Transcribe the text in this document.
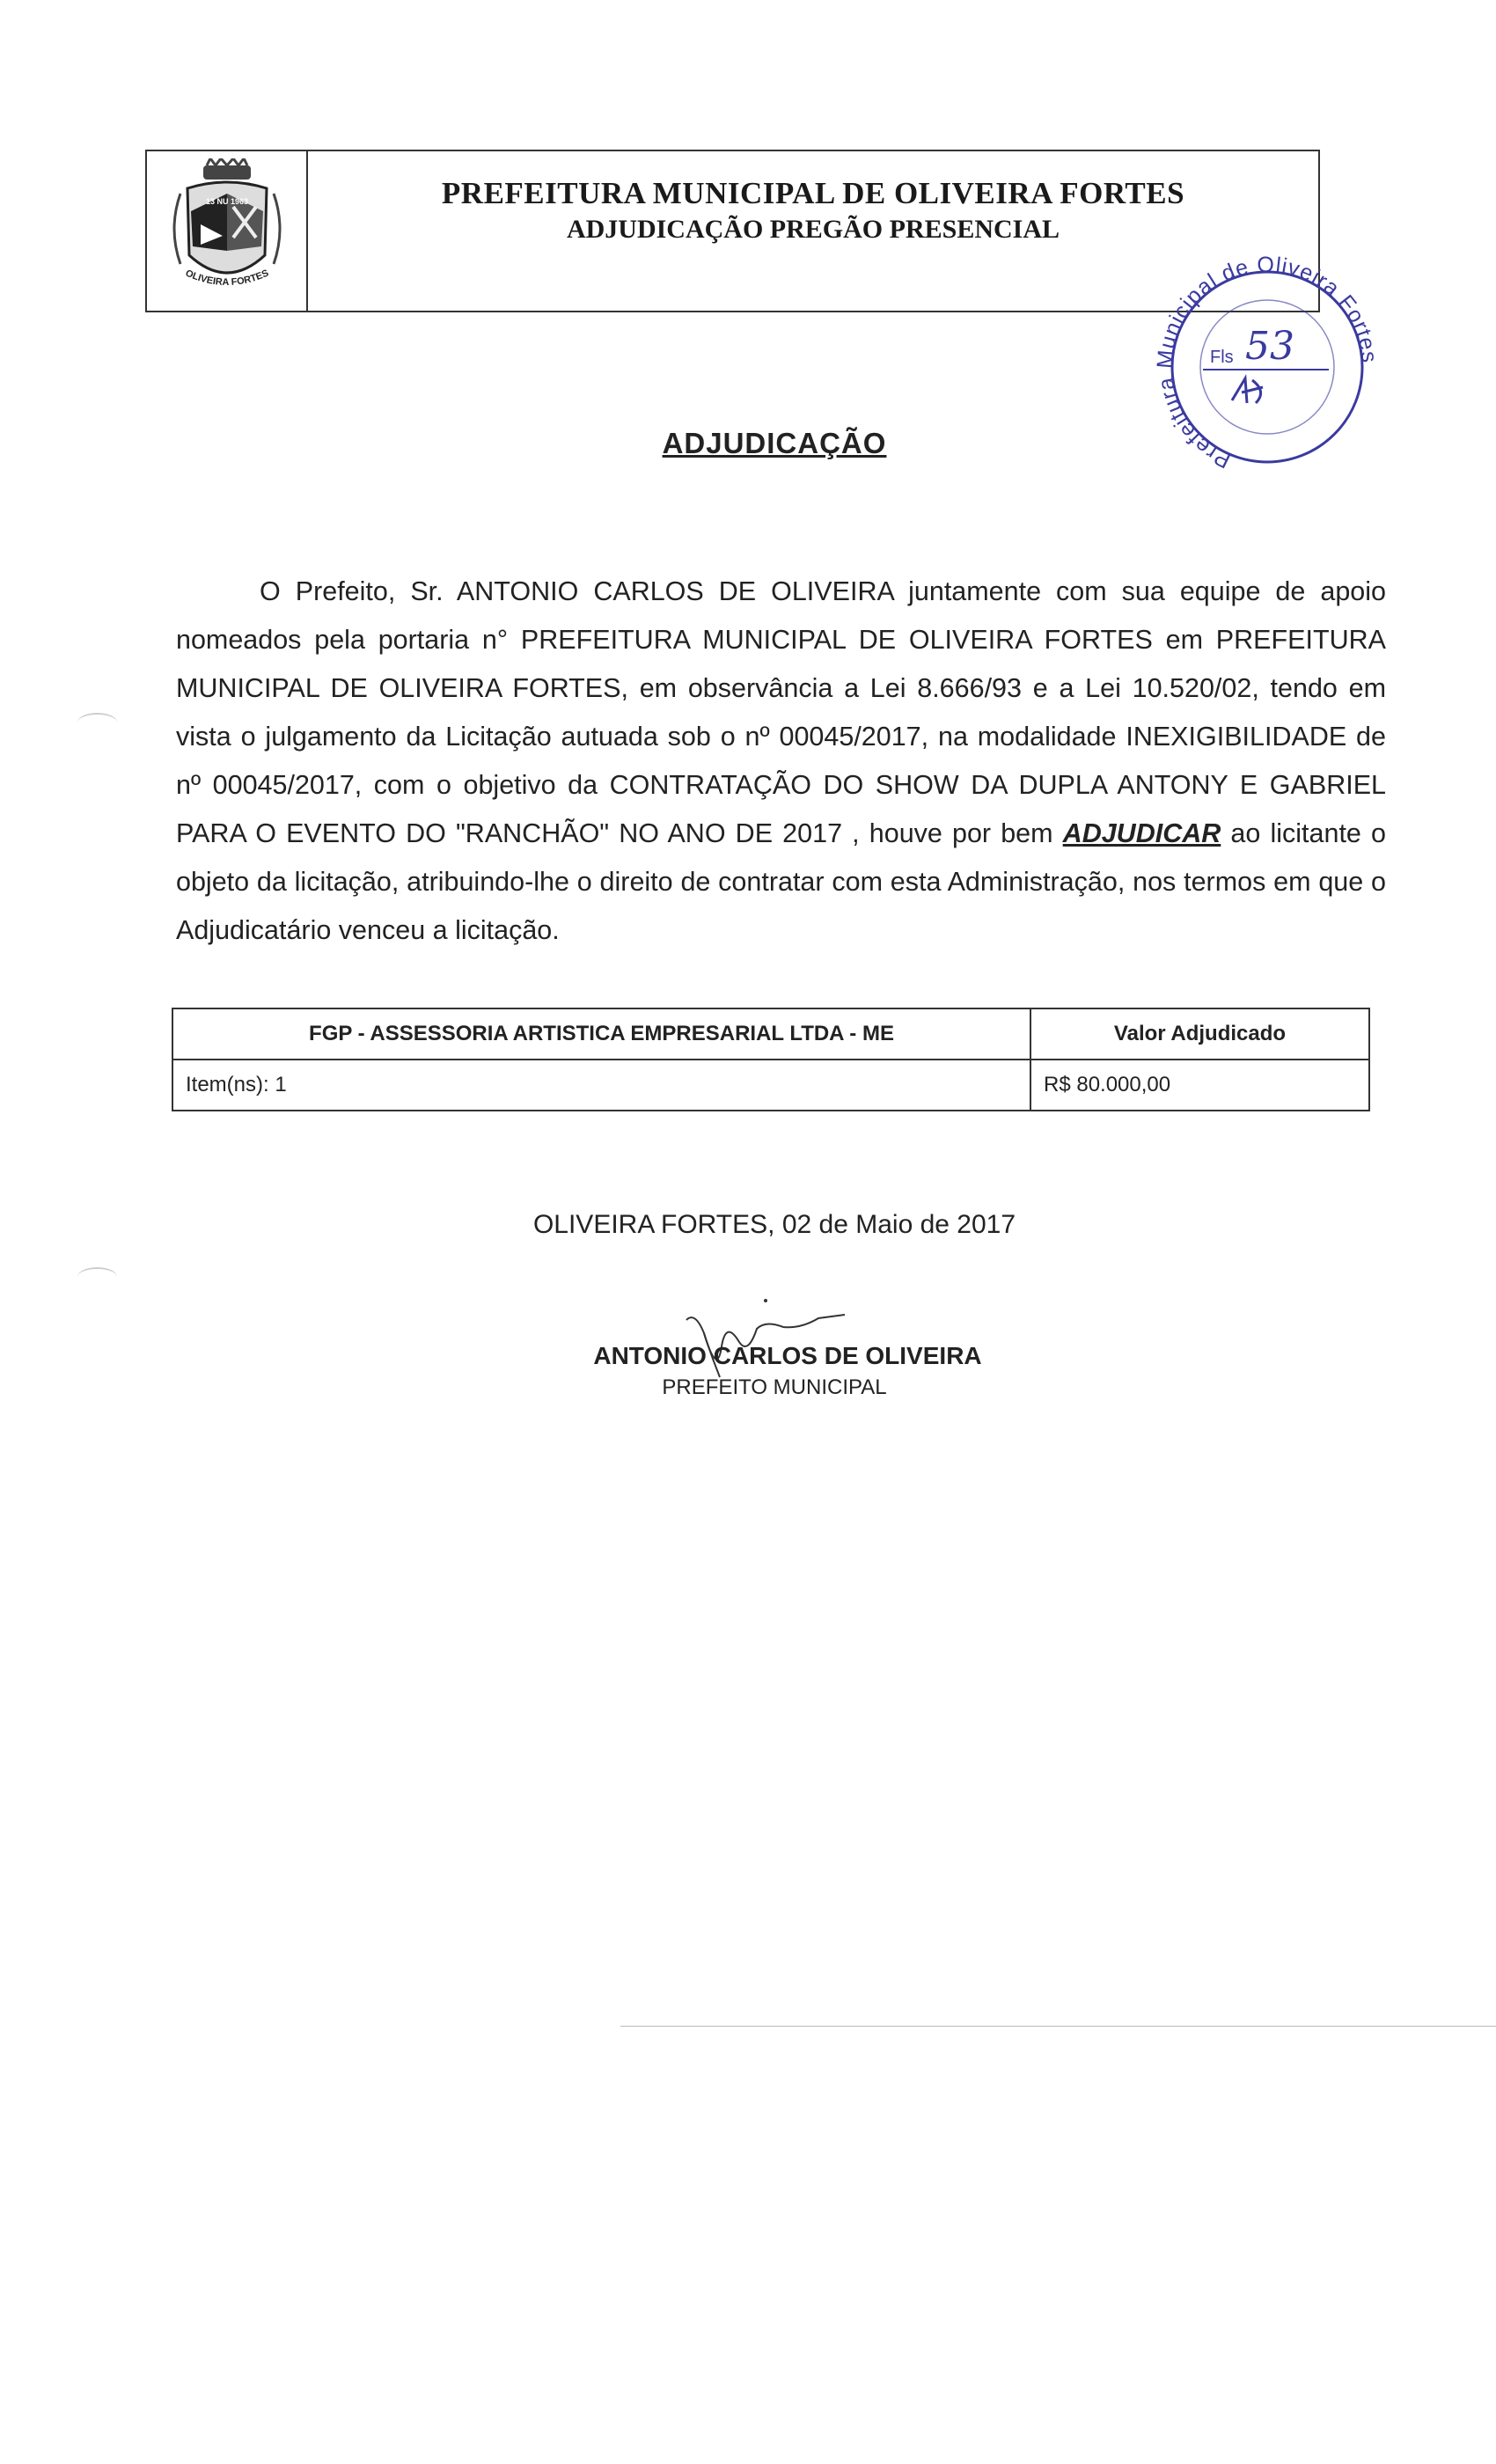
13 NU 1963
OLIVEIRA FORTES
PREFEITURA MUNICIPAL DE OLIVEIRA FORTES
ADJUDICAÇÃO PREGÃO PRESENCIAL
Prefeitura Municipal de Oliveira Fortes
Fls 53
ADJUDICAÇÃO
O Prefeito, Sr. ANTONIO CARLOS DE OLIVEIRA juntamente com sua equipe de apoio nomeados pela portaria n° PREFEITURA MUNICIPAL DE OLIVEIRA FORTES em PREFEITURA MUNICIPAL DE OLIVEIRA FORTES, em observância a Lei 8.666/93 e a Lei 10.520/02, tendo em vista o julgamento da Licitação autuada sob o nº 00045/2017, na modalidade INEXIGIBILIDADE de nº 00045/2017, com o objetivo da CONTRATAÇÃO DO SHOW DA DUPLA ANTONY E GABRIEL PARA O EVENTO DO "RANCHÃO" NO ANO DE 2017 , houve por bem ADJUDICAR ao licitante o objeto da licitação, atribuindo-lhe o direito de contratar com esta Administração, nos termos em que o Adjudicatário venceu a licitação.
FGP - ASSESSORIA ARTISTICA EMPRESARIAL LTDA - ME	Valor Adjudicado
Item(ns): 1	R$ 80.000,00
OLIVEIRA FORTES, 02 de Maio de 2017
ANTONIO CARLOS DE OLIVEIRA
PREFEITO MUNICIPAL
